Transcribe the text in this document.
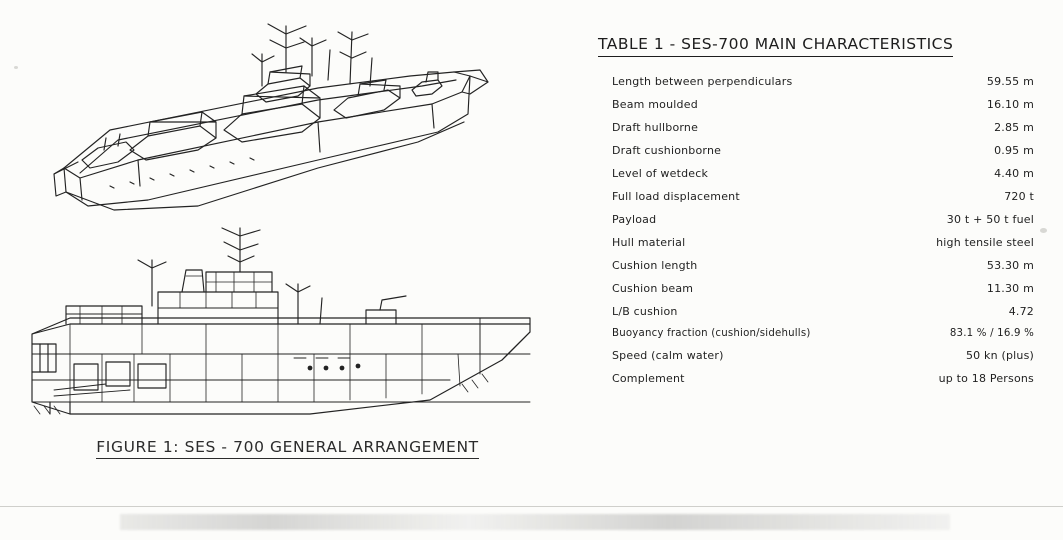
FIGURE 1: SES - 700 GENERAL ARRANGEMENT
TABLE 1 - SES-700 MAIN CHARACTERISTICS
Length between perpendiculars	59.55 m
Beam moulded	16.10 m
Draft hullborne	2.85 m
Draft cushionborne	0.95 m
Level of wetdeck	4.40 m
Full load displacement	720 t
Payload	30 t + 50 t fuel
Hull material	high tensile steel
Cushion length	53.30 m
Cushion beam	11.30 m
L/B cushion	4.72
Buoyancy fraction (cushion/sidehulls)	83.1 % / 16.9 %
Speed (calm water)	50 kn (plus)
Complement	up to 18 Persons
